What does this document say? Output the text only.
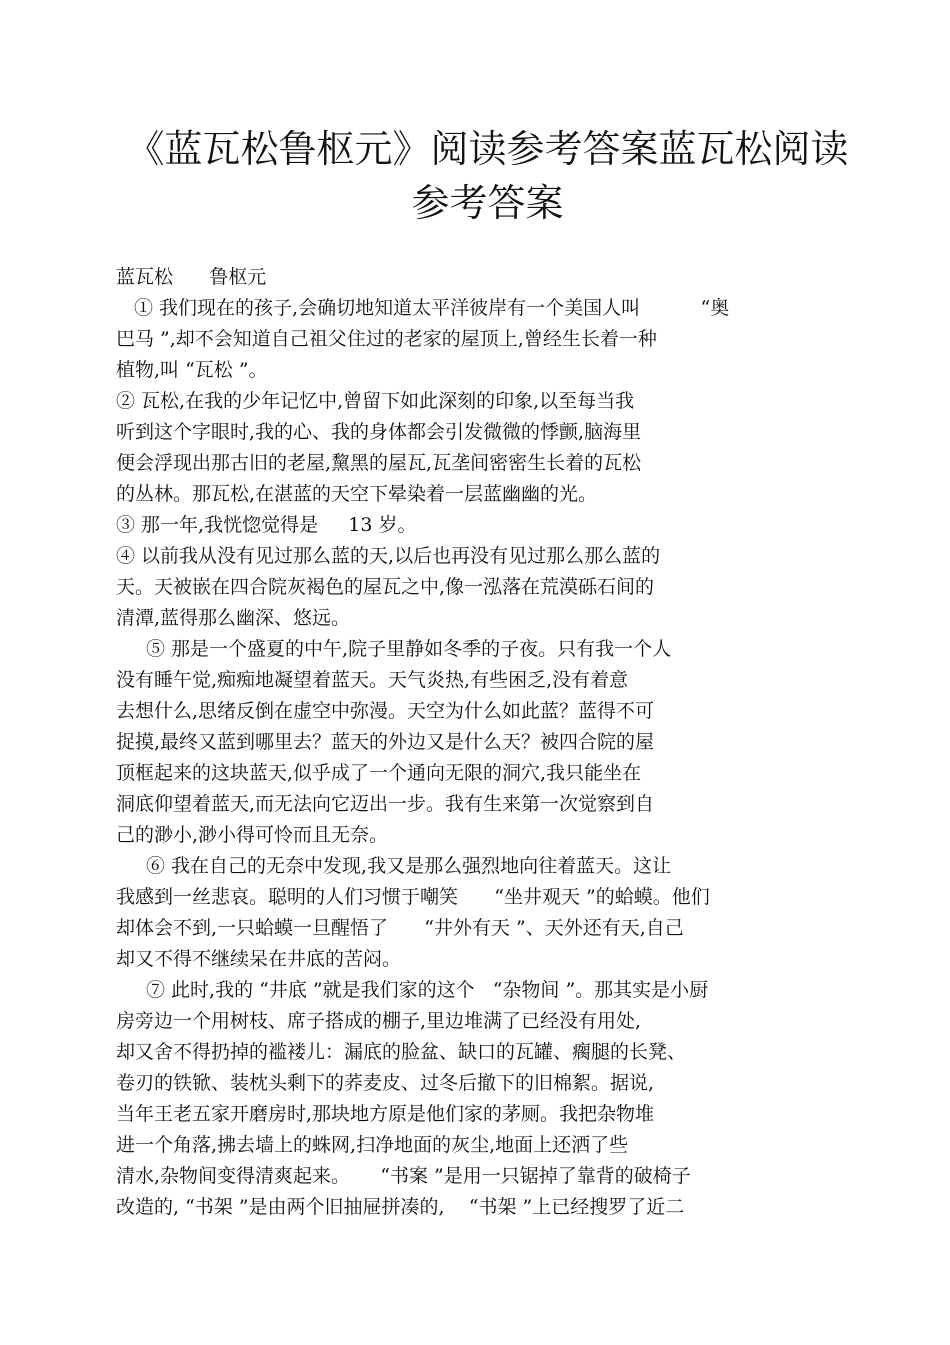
《蓝瓦松鲁枢元》阅读参考答案蓝瓦松阅读
参考答案
蓝瓦松      鲁枢元
① 我们现在的孩子,会确切地知道太平洋彼岸有一个美国人叫          “奥
巴马 ”,却不会知道自己祖父住过的老家的屋顶上,曾经生长着一种
植物,叫 “瓦松 ”。
② 瓦松,在我的少年记忆中,曾留下如此深刻的印象,以至每当我
听到这个字眼时,我的心、我的身体都会引发微微的悸颤,脑海里
便会浮现出那古旧的老屋,黧黑的屋瓦,瓦垄间密密生长着的瓦松
的丛林。那瓦松,在湛蓝的天空下晕染着一层蓝幽幽的光。
③ 那一年,我恍惚觉得是     13 岁。
④ 以前我从没有见过那么蓝的天,以后也再没有见过那么那么蓝的
天。天被嵌在四合院灰褐色的屋瓦之中,像一泓落在荒漠砾石间的
清潭,蓝得那么幽深、悠远。
⑤ 那是一个盛夏的中午,院子里静如冬季的子夜。只有我一个人
没有睡午觉,痴痴地凝望着蓝天。天气炎热,有些困乏,没有着意
去想什么,思绪反倒在虚空中弥漫。天空为什么如此蓝？蓝得不可
捉摸,最终又蓝到哪里去？蓝天的外边又是什么天？被四合院的屋
顶框起来的这块蓝天,似乎成了一个通向无限的洞穴,我只能坐在
洞底仰望着蓝天,而无法向它迈出一步。我有生来第一次觉察到自
己的渺小,渺小得可怜而且无奈。
⑥ 我在自己的无奈中发现,我又是那么强烈地向往着蓝天。这让
我感到一丝悲哀。聪明的人们习惯于嘲笑      “坐井观天 ”的蛤蟆。他们
却体会不到,一只蛤蟆一旦醒悟了      “井外有天 ”、天外还有天,自己
却又不得不继续呆在井底的苦闷。
⑦ 此时,我的 “井底 ”就是我们家的这个   “杂物间 ”。那其实是小厨
房旁边一个用树枝、席子搭成的棚子,里边堆满了已经没有用处,
却又舍不得扔掉的褴褛儿：漏底的脸盆、缺口的瓦罐、瘸腿的长凳、
卷刃的铁锨、装枕头剩下的荞麦皮、过冬后撤下的旧棉絮。据说,
当年王老五家开磨房时,那块地方原是他们家的茅厕。我把杂物堆
进一个角落,拂去墙上的蛛网,扫净地面的灰尘,地面上还洒了些
清水,杂物间变得清爽起来。     “书案 ”是用一只锯掉了靠背的破椅子
改造的, “书架 ”是由两个旧抽屉拼凑的,    “书架 ”上已经搜罗了近二
